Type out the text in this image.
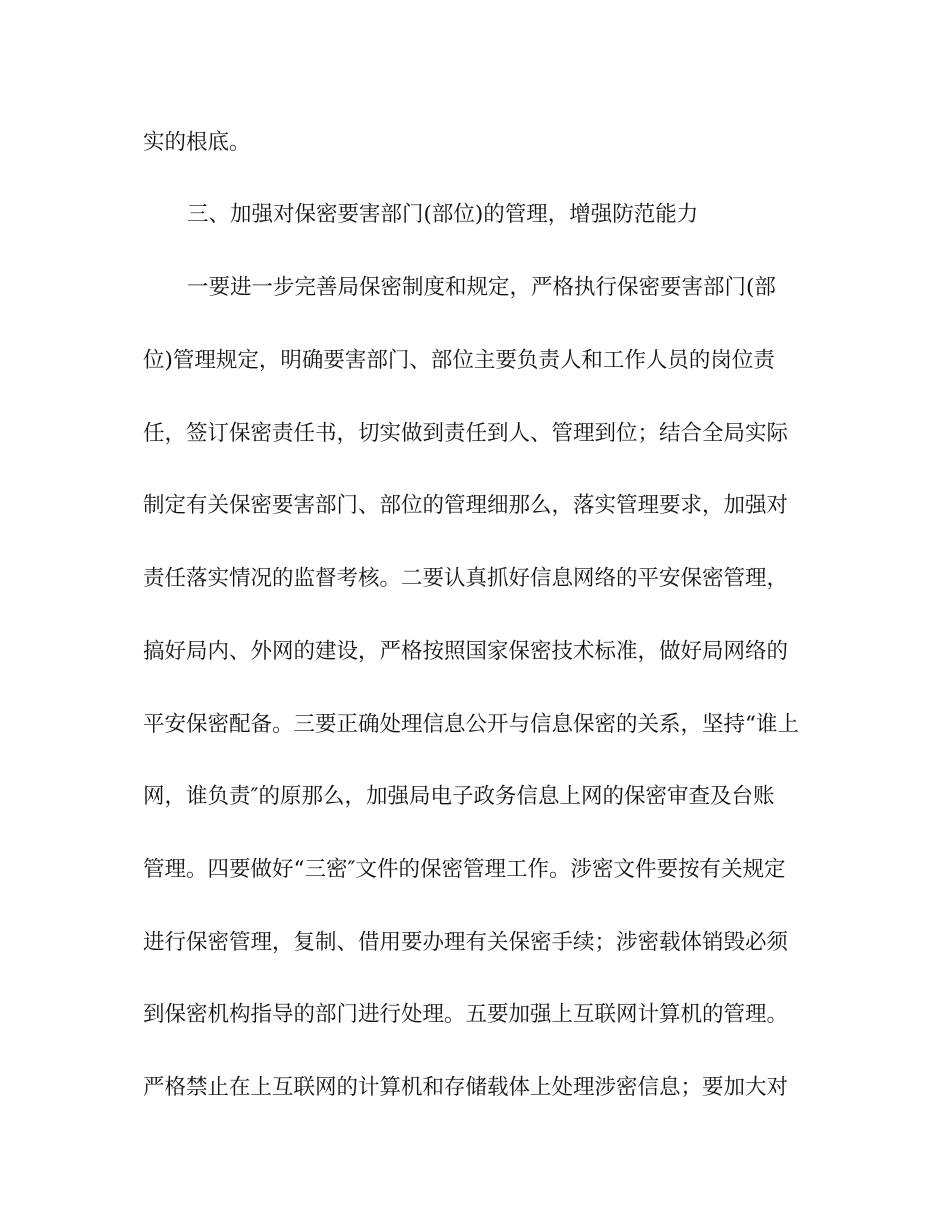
实的根底。
三、加强对保密要害部门(部位)的管理，增强防范能力
一要进一步完善局保密制度和规定，严格执行保密要害部门(部
位)管理规定，明确要害部门、部位主要负责人和工作人员的岗位责
任，签订保密责任书，切实做到责任到人、管理到位；结合全局实际
制定有关保密要害部门、部位的管理细那么，落实管理要求，加强对
责任落实情况的监督考核。二要认真抓好信息网络的平安保密管理，
搞好局内、外网的建设，严格按照国家保密技术标准，做好局网络的
平安保密配备。三要正确处理信息公开与信息保密的关系，坚持“谁上
网，谁负责″的原那么，加强局电子政务信息上网的保密审查及台账
管理。四要做好“三密″文件的保密管理工作。涉密文件要按有关规定
进行保密管理，复制、借用要办理有关保密手续；涉密载体销毁必须
到保密机构指导的部门进行处理。五要加强上互联网计算机的管理。
严格禁止在上互联网的计算机和存储载体上处理涉密信息；要加大对
